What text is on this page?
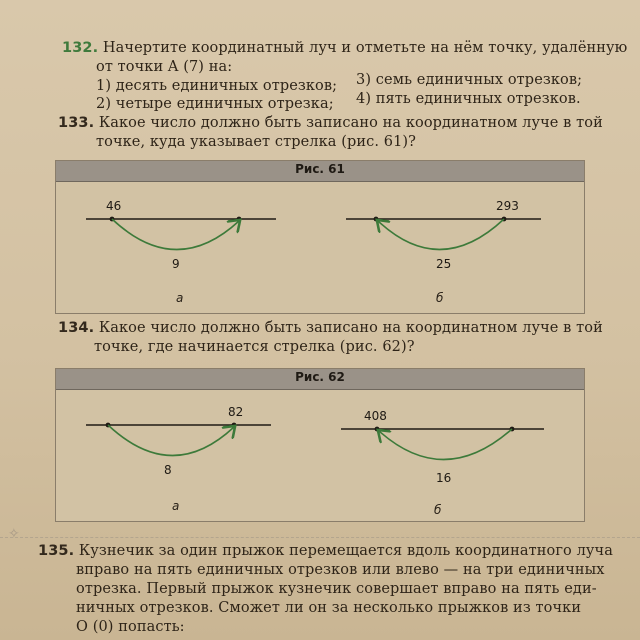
132. Начертите координатный луч и отметьте на нём точку, удалённую
от точки A (7) на:
1) десять единичных отрезков; 3) семь единичных отрезков;
2) четыре единичных отрезка; 4) пять единичных отрезков.
133. Какое число должно быть записано на координатном луче в той
точке, куда указывает стрелка (рис. 61)?
Рис. 61
46
9
а
293
25
б
134. Какое число должно быть записано на координатном луче в той
точке, где начинается стрелка (рис. 62)?
Рис. 62
82
8
а
408
16
б
✧
135. Кузнечик за один прыжок перемещается вдоль координатного луча
вправо на пять единичных отрезков или влево — на три единичных
отрезка. Первый прыжок кузнечик совершает вправо на пять еди-
ничных отрезков. Сможет ли он за несколько прыжков из точки
O (0) попасть:
